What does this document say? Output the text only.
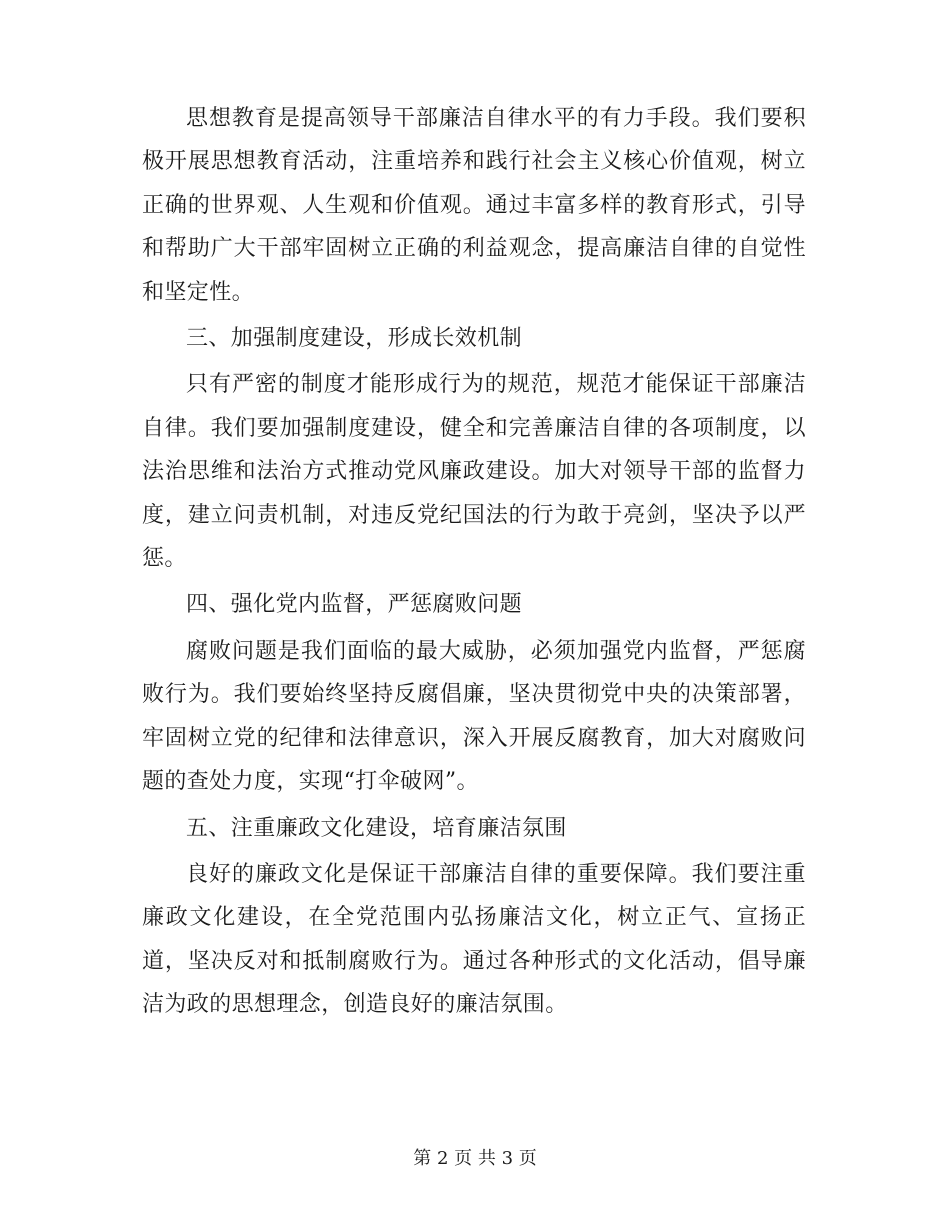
思想教育是提高领导干部廉洁自律水平的有力手段。我们要积极开展思想教育活动，注重培养和践行社会主义核心价值观，树立正确的世界观、人生观和价值观。通过丰富多样的教育形式，引导和帮助广大干部牢固树立正确的利益观念，提高廉洁自律的自觉性和坚定性。

三、加强制度建设，形成长效机制

只有严密的制度才能形成行为的规范，规范才能保证干部廉洁自律。我们要加强制度建设，健全和完善廉洁自律的各项制度，以法治思维和法治方式推动党风廉政建设。加大对领导干部的监督力度，建立问责机制，对违反党纪国法的行为敢于亮剑，坚决予以严惩。

四、强化党内监督，严惩腐败问题

腐败问题是我们面临的最大威胁，必须加强党内监督，严惩腐败行为。我们要始终坚持反腐倡廉，坚决贯彻党中央的决策部署，牢固树立党的纪律和法律意识，深入开展反腐教育，加大对腐败问题的查处力度，实现“打伞破网”。

五、注重廉政文化建设，培育廉洁氛围

良好的廉政文化是保证干部廉洁自律的重要保障。我们要注重廉政文化建设，在全党范围内弘扬廉洁文化，树立正气、宣扬正道，坚决反对和抵制腐败行为。通过各种形式的文化活动，倡导廉洁为政的思想理念，创造良好的廉洁氛围。

第 2 页 共 3 页
